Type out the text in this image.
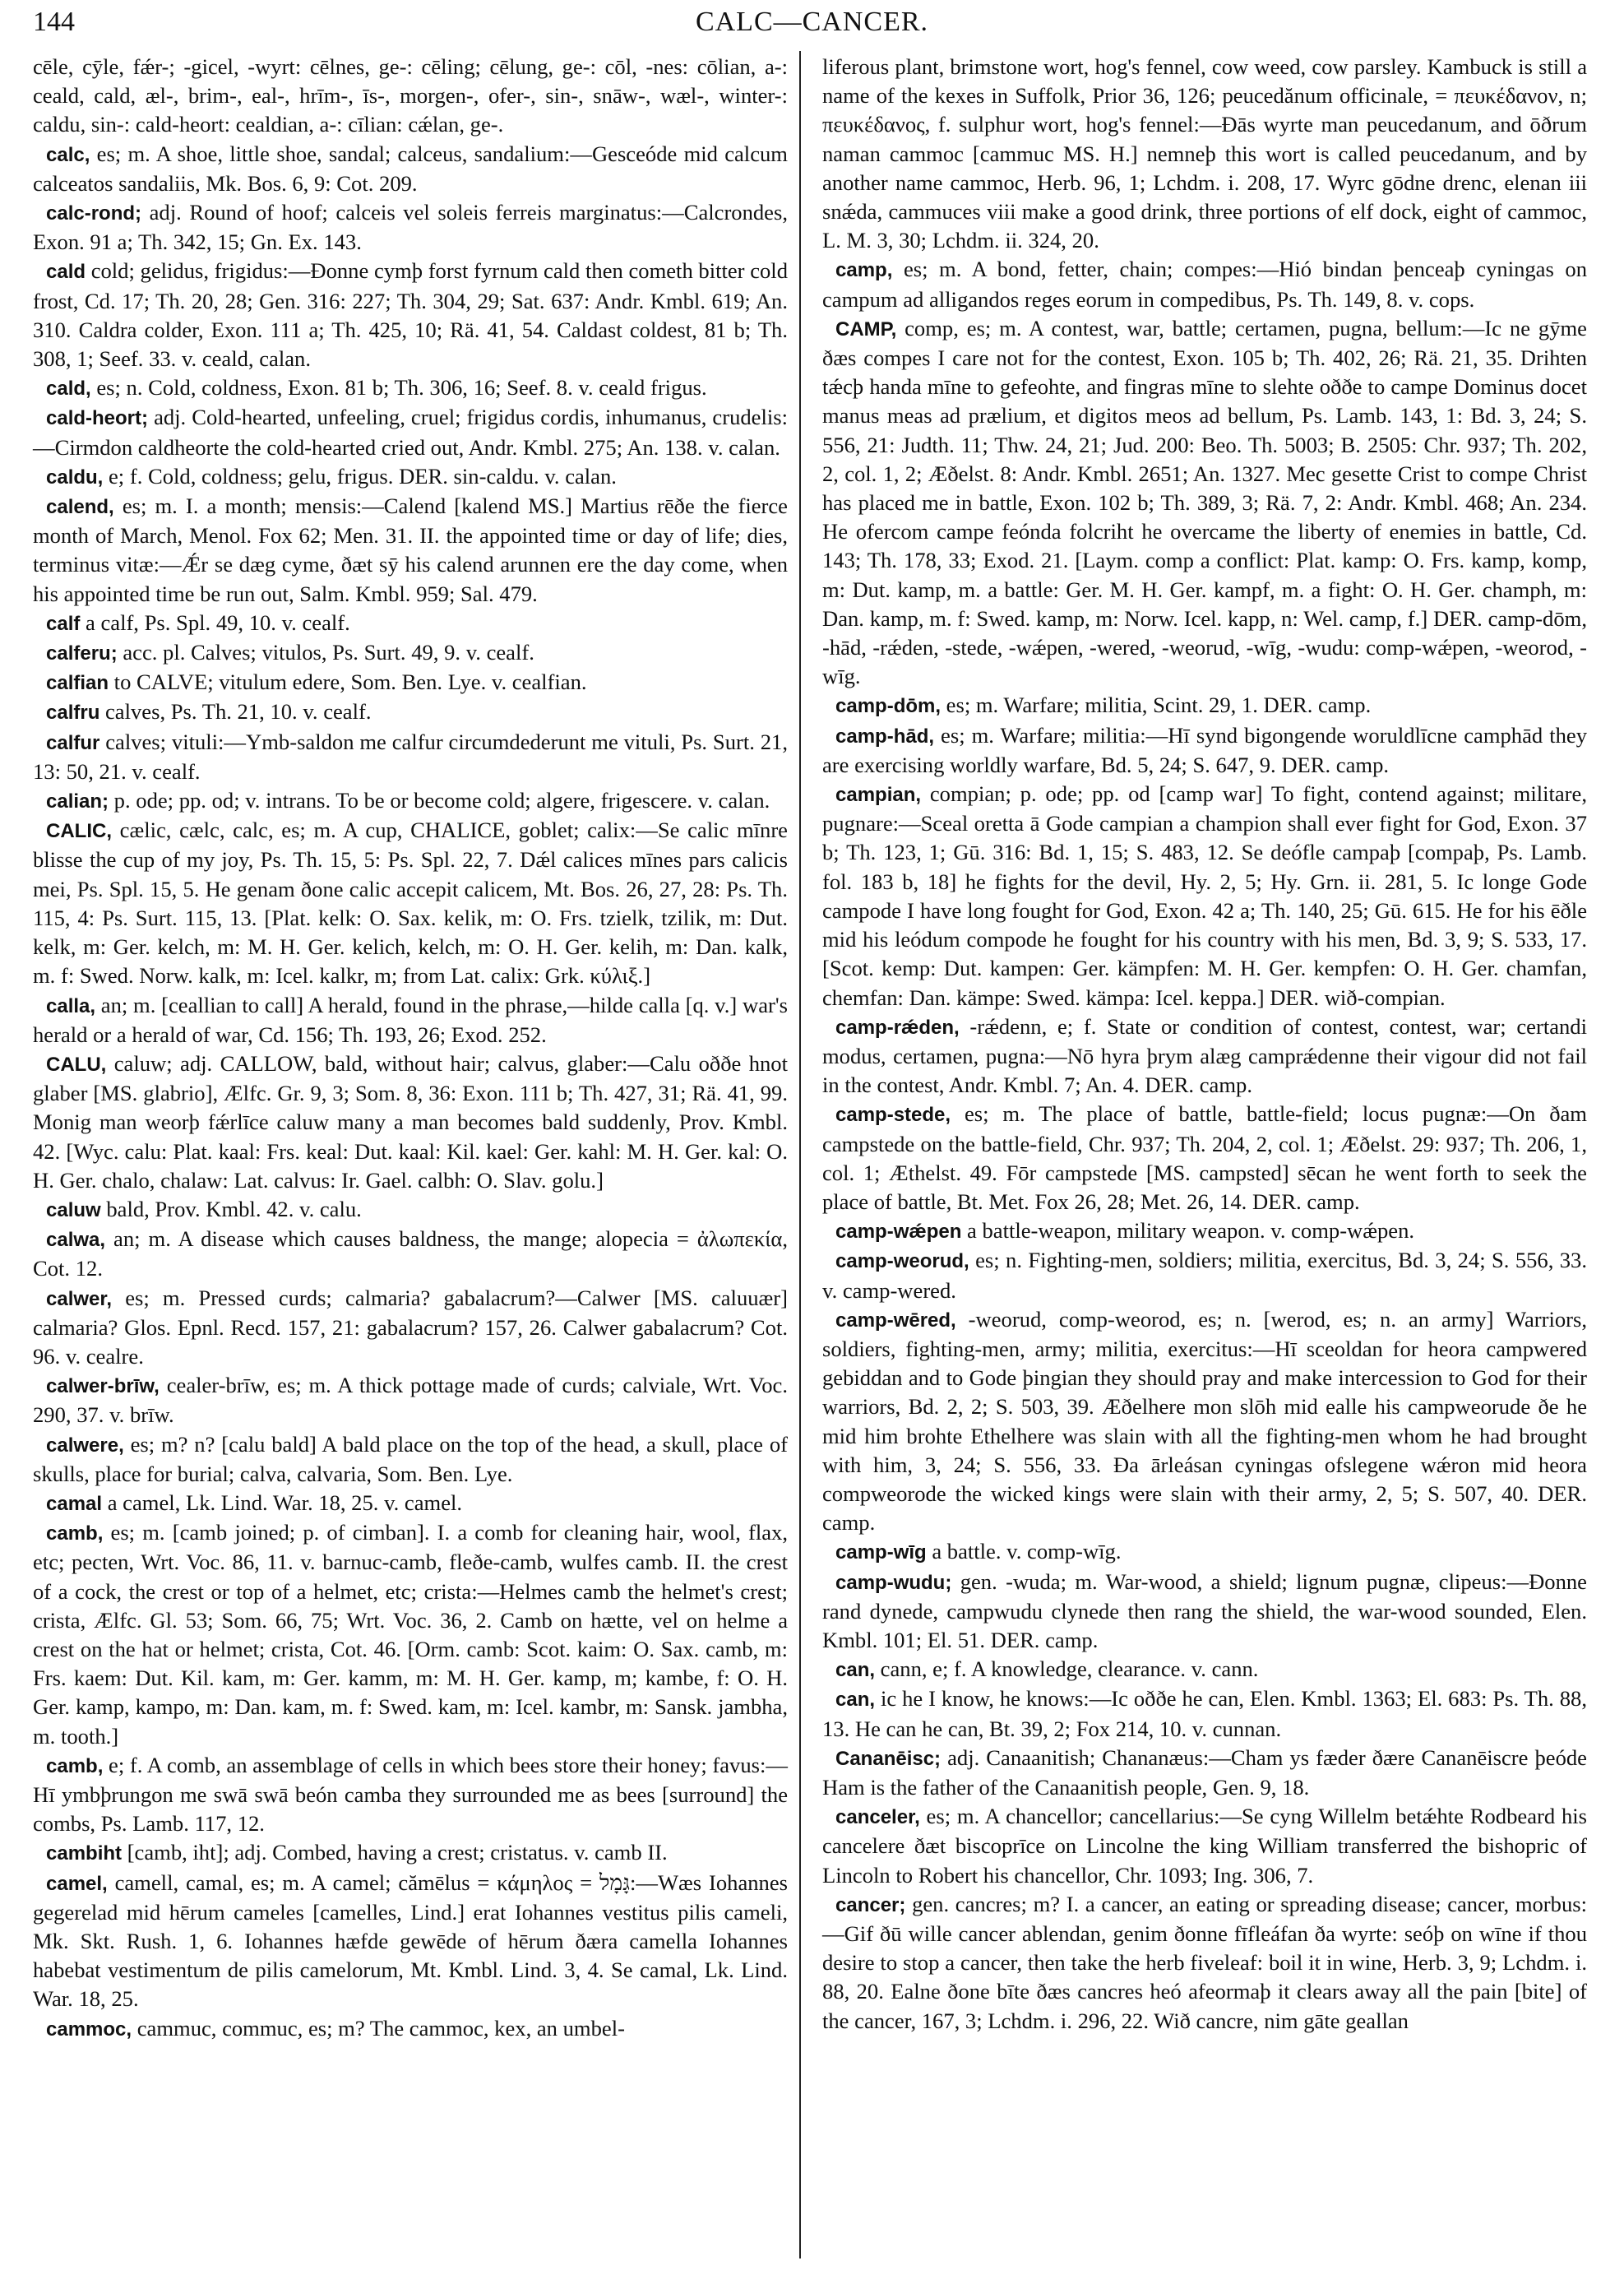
144	CALC—CANCER.

cēle, cȳle, fǽr-; -gicel, -wyrt: cēlnes, ge-: cēling; cēlung, ge-: cōl, -nes: cōlian, a-: ceald, cald, æl-, brim-, eal-, hrīm-, īs-, morgen-, ofer-, sin-, snāw-, wæl-, winter-: caldu, sin-: cald-heort: cealdian, a-: cīlian: cǽlan, ge-.

calc, es; m. A shoe, little shoe, sandal; calceus, sandalium:—Gesceóde mid calcum calceatos sandaliis, Mk. Bos. 6, 9: Cot. 209.

calc-rond; adj. Round of hoof; calceis vel soleis ferreis marginatus:—Calcrondes, Exon. 91 a; Th. 342, 15; Gn. Ex. 143.

cald cold; gelidus, frigidus:—Ðonne cymþ forst fyrnum cald then cometh bitter cold frost, Cd. 17; Th. 20, 28; Gen. 316: 227; Th. 304, 29; Sat. 637: Andr. Kmbl. 619; An. 310. Caldra colder, Exon. 111 a; Th. 425, 10; Rä. 41, 54. Caldast coldest, 81 b; Th. 308, 1; Seef. 33. v. ceald, calan.

cald, es; n. Cold, coldness, Exon. 81 b; Th. 306, 16; Seef. 8. v. ceald frigus.

cald-heort; adj. Cold-hearted, unfeeling, cruel; frigidus cordis, inhumanus, crudelis:—Cirmdon caldheorte the cold-hearted cried out, Andr. Kmbl. 275; An. 138. v. calan.

caldu, e; f. Cold, coldness; gelu, frigus. DER. sin-caldu. v. calan.

calend, es; m. I. a month; mensis:—Calend [kalend MS.] Martius rēðe the fierce month of March, Menol. Fox 62; Men. 31. II. the appointed time or day of life; dies, terminus vitæ:—Ǽr se dæg cyme, ðæt sȳ his calend arunnen ere the day come, when his appointed time be run out, Salm. Kmbl. 959; Sal. 479.

calf a calf, Ps. Spl. 49, 10. v. cealf.

calferu; acc. pl. Calves; vitulos, Ps. Surt. 49, 9. v. cealf.

calfian to CALVE; vitulum edere, Som. Ben. Lye. v. cealfian.

calfru calves, Ps. Th. 21, 10. v. cealf.

calfur calves; vituli:—Ymb-saldon me calfur circumdederunt me vituli, Ps. Surt. 21, 13: 50, 21. v. cealf.

calian; p. ode; pp. od; v. intrans. To be or become cold; algere, frigescere. v. calan.

CALIC, cælic, cælc, calc, es; m. A cup, CHALICE, goblet; calix:—Se calic mīnre blisse the cup of my joy, Ps. Th. 15, 5: Ps. Spl. 22, 7. Dǽl calices mīnes pars calicis mei, Ps. Spl. 15, 5. He genam ðone calic accepit calicem, Mt. Bos. 26, 27, 28: Ps. Th. 115, 4: Ps. Surt. 115, 13. [Plat. kelk: O. Sax. kelik, m: O. Frs. tzielk, tzilik, m: Dut. kelk, m: Ger. kelch, m: M. H. Ger. kelich, kelch, m: O. H. Ger. kelih, m: Dan. kalk, m. f: Swed. Norw. kalk, m: Icel. kalkr, m; from Lat. calix: Grk. κύλιξ.]

calla, an; m. [ceallian to call] A herald, found in the phrase,—hilde calla [q. v.] war's herald or a herald of war, Cd. 156; Th. 193, 26; Exod. 252.

CALU, caluw; adj. CALLOW, bald, without hair; calvus, glaber:—Calu oððe hnot glaber [MS. glabrio], Ælfc. Gr. 9, 3; Som. 8, 36: Exon. 111 b; Th. 427, 31; Rä. 41, 99. Monig man weorþ fǽrlīce caluw many a man becomes bald suddenly, Prov. Kmbl. 42. [Wyc. calu: Plat. kaal: Frs. keal: Dut. kaal: Kil. kael: Ger. kahl: M. H. Ger. kal: O. H. Ger. chalo, chalaw: Lat. calvus: Ir. Gael. calbh: O. Slav. golu.]

caluw bald, Prov. Kmbl. 42. v. calu.

calwa, an; m. A disease which causes baldness, the mange; alopecia = ἀλωπεκία, Cot. 12.

calwer, es; m. Pressed curds; calmaria? gabalacrum?—Calwer [MS. caluuær] calmaria? Glos. Epnl. Recd. 157, 21: gabalacrum? 157, 26. Calwer gabalacrum? Cot. 96. v. cealre.

calwer-brīw, cealer-brīw, es; m. A thick pottage made of curds; calviale, Wrt. Voc. 290, 37. v. brīw.

calwere, es; m? n? [calu bald] A bald place on the top of the head, a skull, place of skulls, place for burial; calva, calvaria, Som. Ben. Lye.

camal a camel, Lk. Lind. War. 18, 25. v. camel.

camb, es; m. [camb joined; p. of cimban]. I. a comb for cleaning hair, wool, flax, etc; pecten, Wrt. Voc. 86, 11. v. barnuc-camb, fleðe-camb, wulfes camb. II. the crest of a cock, the crest or top of a helmet, etc; crista:—Helmes camb the helmet's crest; crista, Ælfc. Gl. 53; Som. 66, 75; Wrt. Voc. 36, 2. Camb on hætte, vel on helme a crest on the hat or helmet; crista, Cot. 46. [Orm. camb: Scot. kaim: O. Sax. camb, m: Frs. kaem: Dut. Kil. kam, m: Ger. kamm, m: M. H. Ger. kamp, m; kambe, f: O. H. Ger. kamp, kampo, m: Dan. kam, m. f: Swed. kam, m: Icel. kambr, m: Sansk. jambha, m. tooth.]

camb, e; f. A comb, an assemblage of cells in which bees store their honey; favus:—Hī ymbþrungon me swā swā beón camba they surrounded me as bees [surround] the combs, Ps. Lamb. 117, 12.

cambiht [camb, iht]; adj. Combed, having a crest; cristatus. v. camb II.

camel, camell, camal, es; m. A camel; cămēlus = κάμηλος = גָּמָל:—Wæs Iohannes gegerelad mid hērum cameles [camelles, Lind.] erat Iohannes vestitus pilis cameli, Mk. Skt. Rush. 1, 6. Iohannes hæfde gewēde of hērum ðæra camella Iohannes habebat vestimentum de pilis camelorum, Mt. Kmbl. Lind. 3, 4. Se camal, Lk. Lind. War. 18, 25.

cammoc, cammuc, commuc, es; m? The cammoc, kex, an umbel-

liferous plant, brimstone wort, hog's fennel, cow weed, cow parsley. Kambuck is still a name of the kexes in Suffolk, Prior 36, 126; peucedănum officinale, = πευκέδανον, n; πευκέδανος, f. sulphur wort, hog's fennel:—Ðās wyrte man peucedanum, and ōðrum naman cammoc [cammuc MS. H.] nemneþ this wort is called peucedanum, and by another name cammoc, Herb. 96, 1; Lchdm. i. 208, 17. Wyrc gōdne drenc, elenan iii snǽda, cammuces viii make a good drink, three portions of elf dock, eight of cammoc, L. M. 3, 30; Lchdm. ii. 324, 20.

camp, es; m. A bond, fetter, chain; compes:—Hió bindan þenceaþ cyningas on campum ad alligandos reges eorum in compedibus, Ps. Th. 149, 8. v. cops.

CAMP, comp, es; m. A contest, war, battle; certamen, pugna, bellum:—Ic ne gȳme ðæs compes I care not for the contest, Exon. 105 b; Th. 402, 26; Rä. 21, 35. Drihten tǽcþ handa mīne to gefeohte, and fingras mīne to slehte oððe to campe Dominus docet manus meas ad prælium, et digitos meos ad bellum, Ps. Lamb. 143, 1: Bd. 3, 24; S. 556, 21: Judth. 11; Thw. 24, 21; Jud. 200: Beo. Th. 5003; B. 2505: Chr. 937; Th. 202, 2, col. 1, 2; Æðelst. 8: Andr. Kmbl. 2651; An. 1327. Mec gesette Crist to compe Christ has placed me in battle, Exon. 102 b; Th. 389, 3; Rä. 7, 2: Andr. Kmbl. 468; An. 234. He ofercom campe feónda folcriht he overcame the liberty of enemies in battle, Cd. 143; Th. 178, 33; Exod. 21. [Laym. comp a conflict: Plat. kamp: O. Frs. kamp, komp, m: Dut. kamp, m. a battle: Ger. M. H. Ger. kampf, m. a fight: O. H. Ger. champh, m: Dan. kamp, m. f: Swed. kamp, m: Norw. Icel. kapp, n: Wel. camp, f.] DER. camp-dōm, -hād, -rǽden, -stede, -wǽpen, -wered, -weorud, -wīg, -wudu: comp-wǽpen, -weorod, -wīg.

camp-dōm, es; m. Warfare; militia, Scint. 29, 1. DER. camp.

camp-hād, es; m. Warfare; militia:—Hī synd bigongende woruldlīcne camphād they are exercising worldly warfare, Bd. 5, 24; S. 647, 9. DER. camp.

campian, compian; p. ode; pp. od [camp war] To fight, contend against; militare, pugnare:—Sceal oretta ā Gode campian a champion shall ever fight for God, Exon. 37 b; Th. 123, 1; Gū. 316: Bd. 1, 15; S. 483, 12. Se deófle campaþ [compaþ, Ps. Lamb. fol. 183 b, 18] he fights for the devil, Hy. 2, 5; Hy. Grn. ii. 281, 5. Ic longe Gode campode I have long fought for God, Exon. 42 a; Th. 140, 25; Gū. 615. He for his ēðle mid his leódum compode he fought for his country with his men, Bd. 3, 9; S. 533, 17. [Scot. kemp: Dut. kampen: Ger. kämpfen: M. H. Ger. kempfen: O. H. Ger. chamfan, chemfan: Dan. kämpe: Swed. kämpa: Icel. keppa.] DER. wið-compian.

camp-rǽden, -rǽdenn, e; f. State or condition of contest, contest, war; certandi modus, certamen, pugna:—Nō hyra þrym alæg camprǽdenne their vigour did not fail in the contest, Andr. Kmbl. 7; An. 4. DER. camp.

camp-stede, es; m. The place of battle, battle-field; locus pugnæ:—On ðam campstede on the battle-field, Chr. 937; Th. 204, 2, col. 1; Æðelst. 29: 937; Th. 206, 1, col. 1; Æthelst. 49. Fōr campstede [MS. campsted] sēcan he went forth to seek the place of battle, Bt. Met. Fox 26, 28; Met. 26, 14. DER. camp.

camp-wǽpen a battle-weapon, military weapon. v. comp-wǽpen.

camp-weorud, es; n. Fighting-men, soldiers; militia, exercitus, Bd. 3, 24; S. 556, 33. v. camp-wered.

camp-wēred, -weorud, comp-weorod, es; n. [werod, es; n. an army] Warriors, soldiers, fighting-men, army; militia, exercitus:—Hī sceoldan for heora campwered gebiddan and to Gode þingian they should pray and make intercession to God for their warriors, Bd. 2, 2; S. 503, 39. Æðelhere mon slōh mid ealle his campweorude ðe he mid him brohte Ethelhere was slain with all the fighting-men whom he had brought with him, 3, 24; S. 556, 33. Ða ārleásan cyningas ofslegene wǽron mid heora compweorode the wicked kings were slain with their army, 2, 5; S. 507, 40. DER. camp.

camp-wīg a battle. v. comp-wīg.

camp-wudu; gen. -wuda; m. War-wood, a shield; lignum pugnæ, clipeus:—Ðonne rand dynede, campwudu clynede then rang the shield, the war-wood sounded, Elen. Kmbl. 101; El. 51. DER. camp.

can, cann, e; f. A knowledge, clearance. v. cann.

can, ic he I know, he knows:—Ic oððe he can, Elen. Kmbl. 1363; El. 683: Ps. Th. 88, 13. He can he can, Bt. 39, 2; Fox 214, 10. v. cunnan.

Cananēisc; adj. Canaanitish; Chananæus:—Cham ys fæder ðære Cananēiscre þeóde Ham is the father of the Canaanitish people, Gen. 9, 18.

canceler, es; m. A chancellor; cancellarius:—Se cyng Willelm betǽhte Rodbeard his cancelere ðæt biscoprīce on Lincolne the king William transferred the bishopric of Lincoln to Robert his chancellor, Chr. 1093; Ing. 306, 7.

cancer; gen. cancres; m? I. a cancer, an eating or spreading disease; cancer, morbus:—Gif ðū wille cancer ablendan, genim ðonne fīfleáfan ða wyrte: seóþ on wīne if thou desire to stop a cancer, then take the herb fiveleaf: boil it in wine, Herb. 3, 9; Lchdm. i. 88, 20. Ealne ðone bīte ðæs cancres heó afeormaþ it clears away all the pain [bite] of the cancer, 167, 3; Lchdm. i. 296, 22. Wið cancre, nim gāte geallan
